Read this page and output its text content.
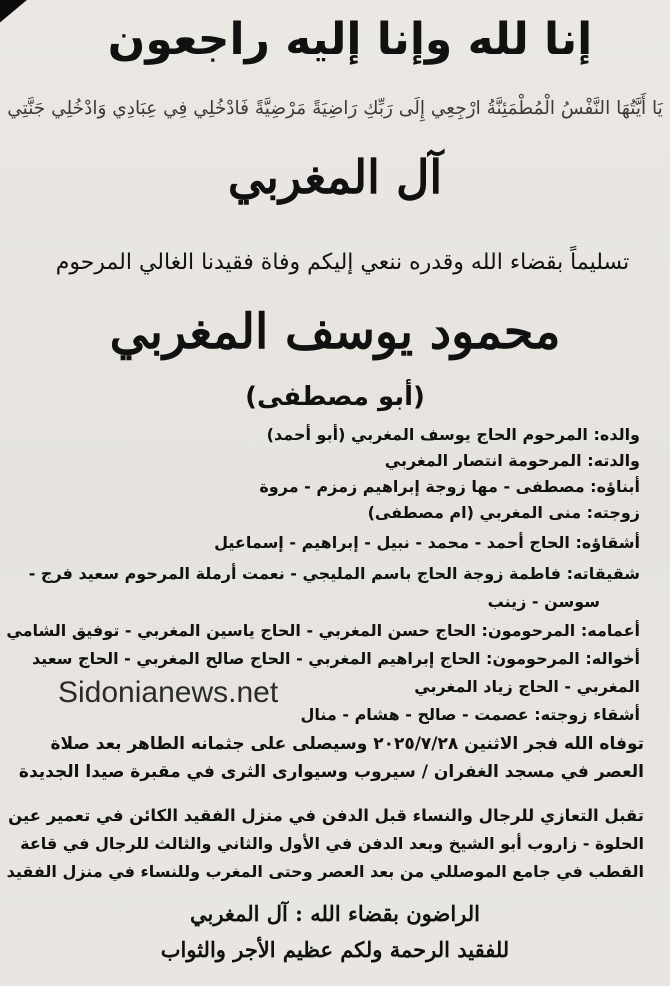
إنا لله وإنا إليه راجعون
يَا أَيَّتُهَا النَّفْسُ الْمُطْمَئِنَّةُ ارْجِعِي إِلَى رَبِّكِ رَاضِيَةً مَرْضِيَّةً فَادْخُلِي فِي عِبَادِي وَادْخُلِي جَنَّتِي
آل المغربي
تسليماً بقضاء الله وقدره ننعي إليكم وفاة فقيدنا الغالي المرحوم
محمود يوسف المغربي
(أبو مصطفى)
والده: المرحوم الحاج يوسف المغربي (أبو أحمد)
والدته: المرحومة انتصار المغربي
أبناؤه: مصطفى - مها زوجة إبراهيم زمزم - مروة
زوجته: منى المغربي (ام مصطفى)
أشقاؤه: الحاج أحمد - محمد - نبيل - إبراهيم - إسماعيل
شقيقاته: فاطمة زوجة الحاج باسم المليجي - نعمت أرملة المرحوم سعيد فرج -
سوسن - زينب
أعمامه: المرحومون: الحاج حسن المغربي - الحاج ياسين المغربي - توفيق الشامي
أخواله: المرحومون: الحاج إبراهيم المغربي - الحاج صالح المغربي - الحاج سعيد
المغربي - الحاج زياد المغربي
أشقاء زوجته: عصمت - صالح - هشام - منال
Sidonianews.net
توفاه الله فجر الاثنين ٢٠٢٥/٧/٢٨ وسيصلى على جثمانه الطاهر بعد صلاة
العصر في مسجد الغفران / سيروب وسيوارى الثرى في مقبرة صيدا الجديدة
تقبل التعازي للرجال والنساء قبل الدفن في منزل الفقيد الكائن في تعمير عين
الحلوة - زاروب أبو الشيخ وبعد الدفن في الأول والثاني والثالث للرجال في قاعة
القطب في جامع الموصللي من بعد العصر وحتى المغرب وللنساء في منزل الفقيد
الراضون بقضاء الله : آل المغربي
للفقيد الرحمة ولكم عظيم الأجر والثواب
